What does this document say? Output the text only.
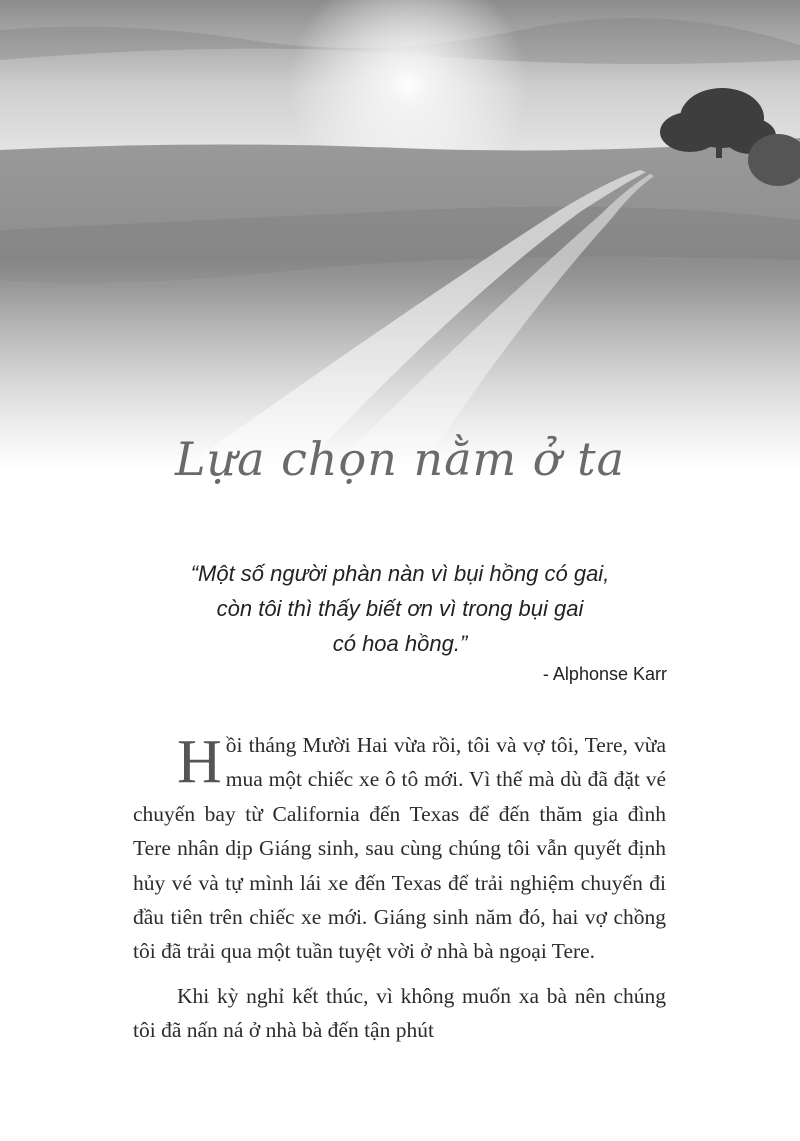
Lựa chọn nằm ở ta
“Một số người phàn nàn vì bụi hồng có gai,
còn tôi thì thấy biết ơn vì trong bụi gai
có hoa hồng.”
- Alphonse Karr

Hồi tháng Mười Hai vừa rồi, tôi và vợ tôi, Tere, vừa mua một chiếc xe ô tô mới. Vì thế mà dù đã đặt vé chuyến bay từ California đến Texas để đến thăm gia đình Tere nhân dịp Giáng sinh, sau cùng chúng tôi vẫn quyết định hủy vé và tự mình lái xe đến Texas để trải nghiệm chuyến đi đầu tiên trên chiếc xe mới. Giáng sinh năm đó, hai vợ chồng tôi đã trải qua một tuần tuyệt vời ở nhà bà ngoại Tere.

Khi kỳ nghỉ kết thúc, vì không muốn xa bà nên chúng tôi đã nấn ná ở nhà bà đến tận phút
